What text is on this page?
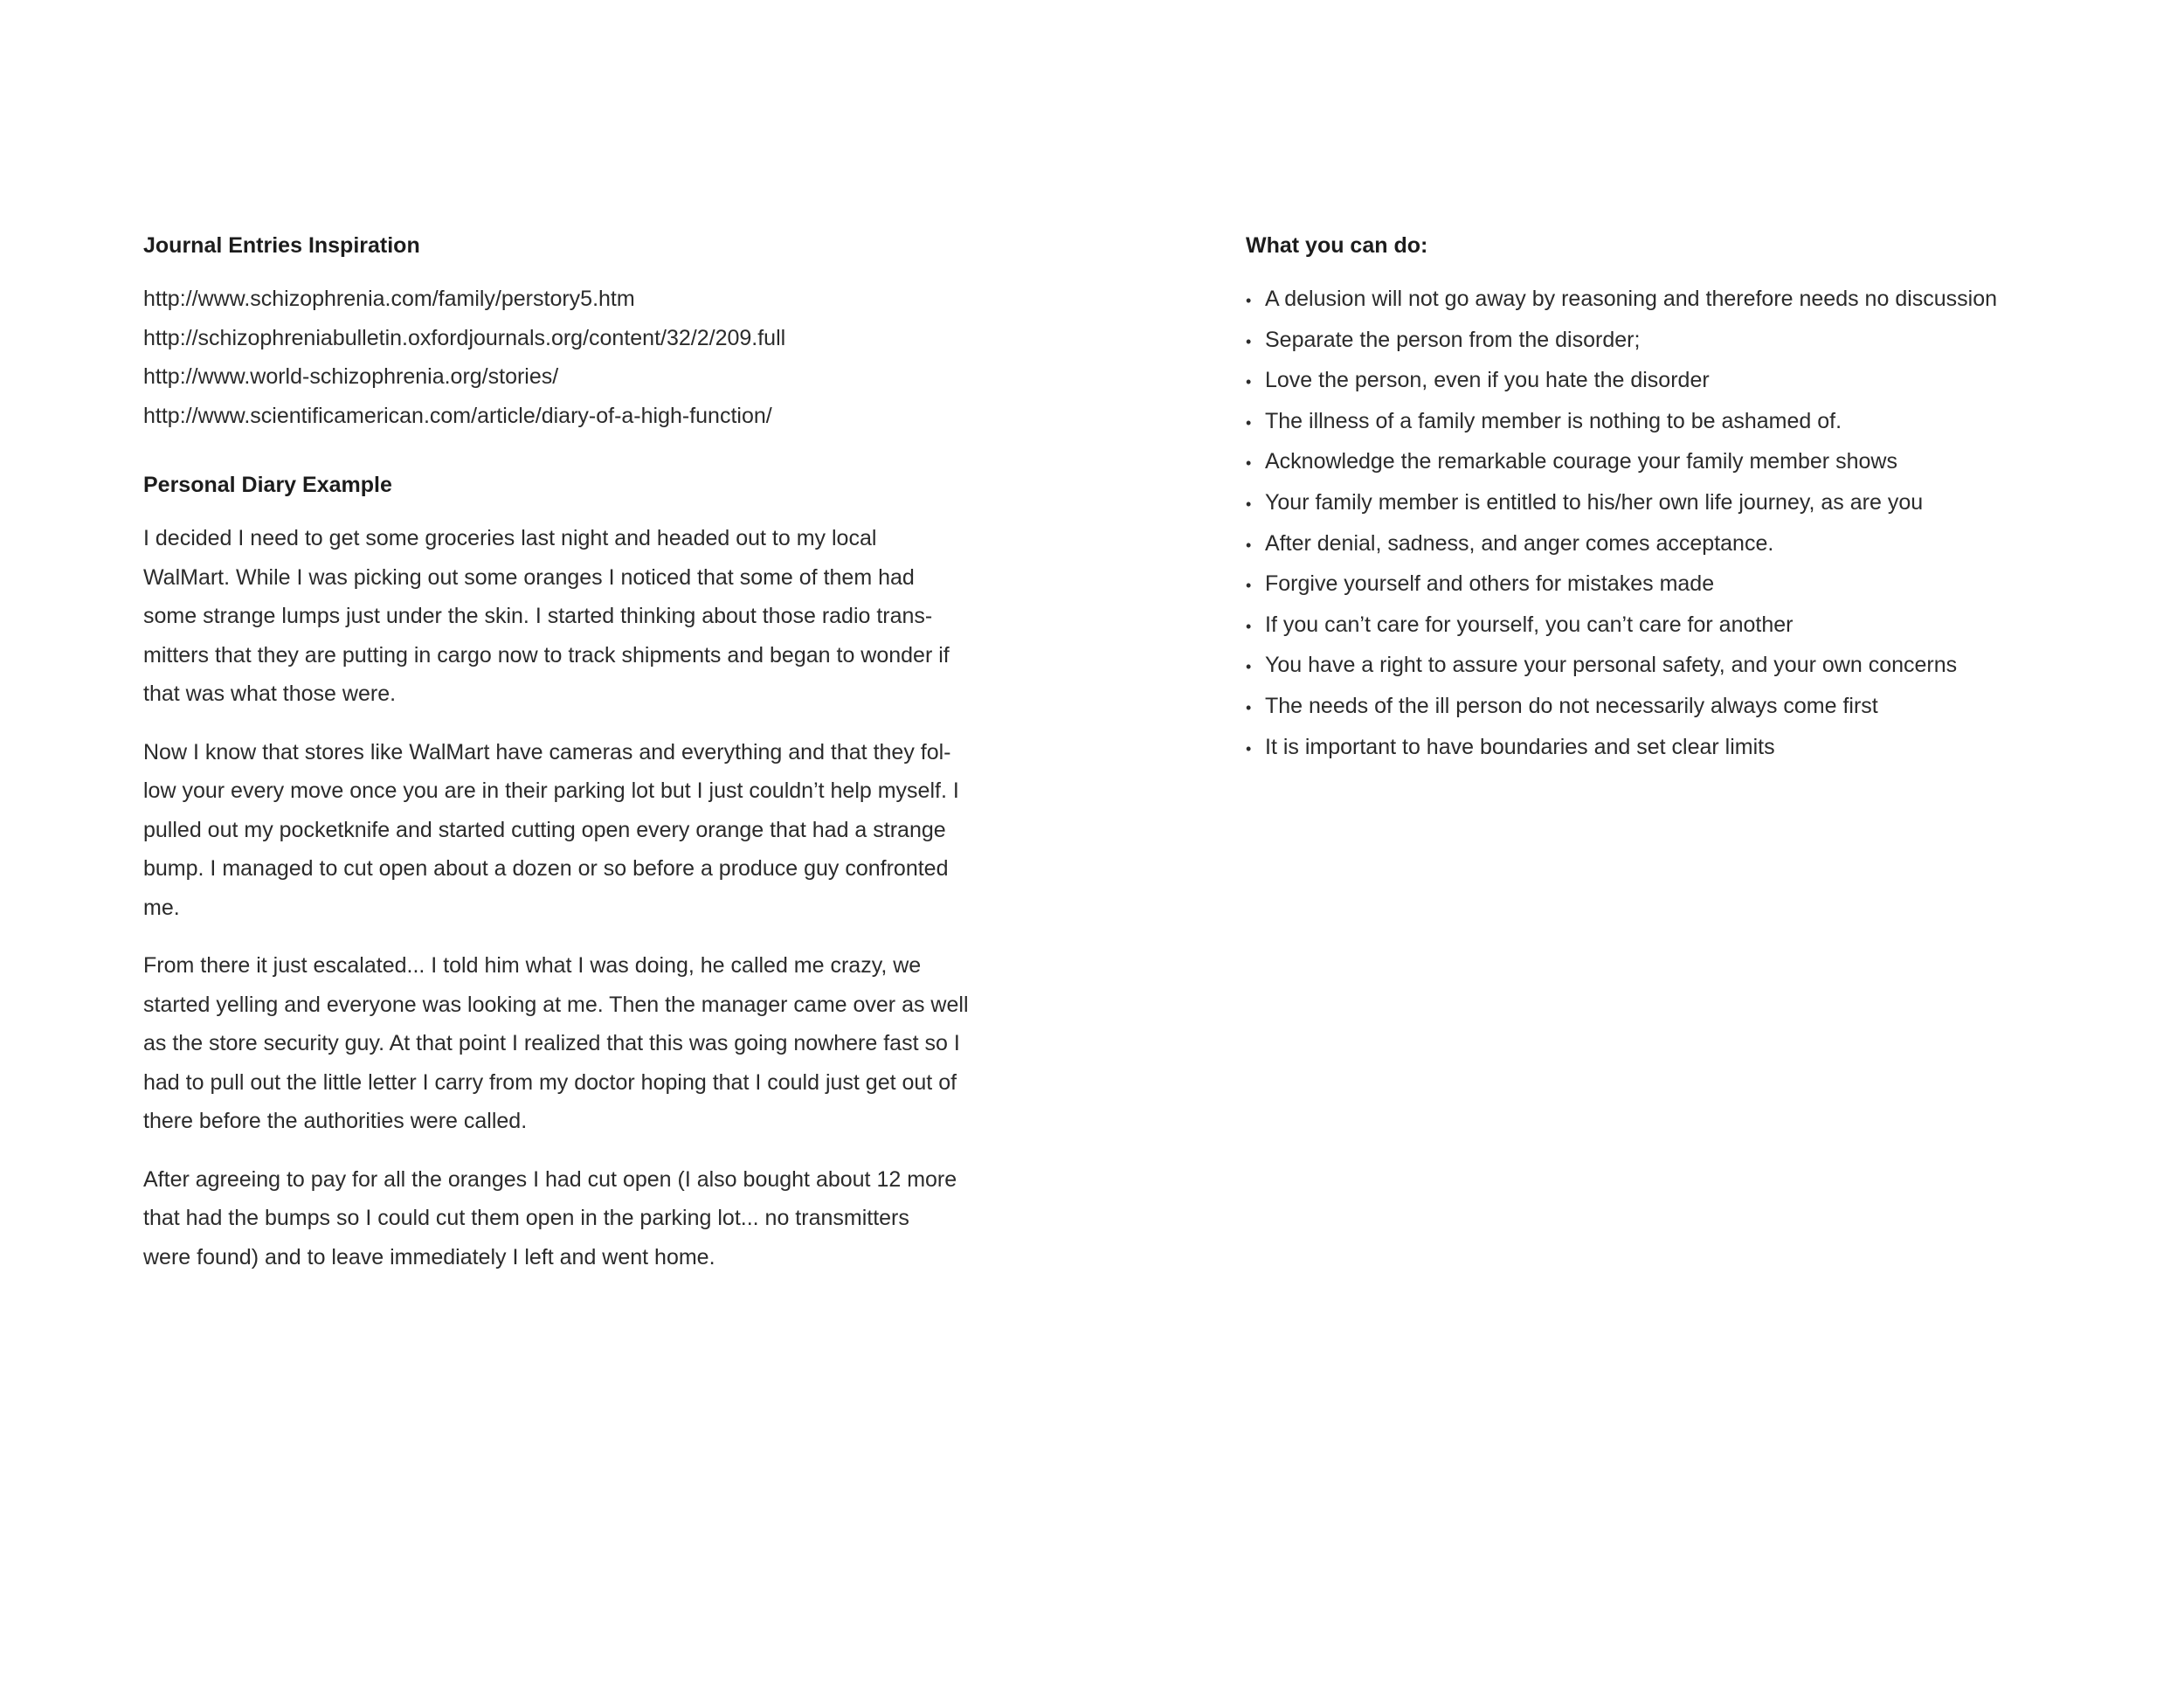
Journal Entries Inspiration
http://www.schizophrenia.com/family/perstory5.htm
http://schizophreniabulletin.oxfordjournals.org/content/32/2/209.full
http://www.world-schizophrenia.org/stories/
http://www.scientificamerican.com/article/diary-of-a-high-function/
Personal Diary Example
I decided I need to get some groceries last night and headed out to my local
WalMart. While I was picking out some oranges I noticed that some of them had
some strange lumps just under the skin. I started thinking about those radio trans-
mitters that they are putting in cargo now to track shipments and began to wonder if
that was what those were.
Now I know that stores like WalMart have cameras and everything and that they fol-
low your every move once you are in their parking lot but I just couldn’t help myself. I
pulled out my pocketknife and started cutting open every orange that had a strange
bump. I managed to cut open about a dozen or so before a produce guy confronted
me.
From there it just escalated... I told him what I was doing, he called me crazy, we
started yelling and everyone was looking at me. Then the manager came over as well
as the store security guy. At that point I realized that this was going nowhere fast so I
had to pull out the little letter I carry from my doctor hoping that I could just get out of
there before the authorities were called.
After agreeing to pay for all the oranges I had cut open (I also bought about 12 more
that had the bumps so I could cut them open in the parking lot... no transmitters
were found) and to leave immediately I left and went home.
What you can do:
• A delusion will not go away by reasoning and therefore needs no discussion
• Separate the person from the disorder;
• Love the person, even if you hate the disorder
• The illness of a family member is nothing to be ashamed of.
• Acknowledge the remarkable courage your family member shows
• Your family member is entitled to his/her own life journey, as are you
• After denial, sadness, and anger comes acceptance.
• Forgive yourself and others for mistakes made
• If you can’t care for yourself, you can’t care for another
• You have a right to assure your personal safety, and your own concerns
• The needs of the ill person do not necessarily always come first
• It is important to have boundaries and set clear limits
